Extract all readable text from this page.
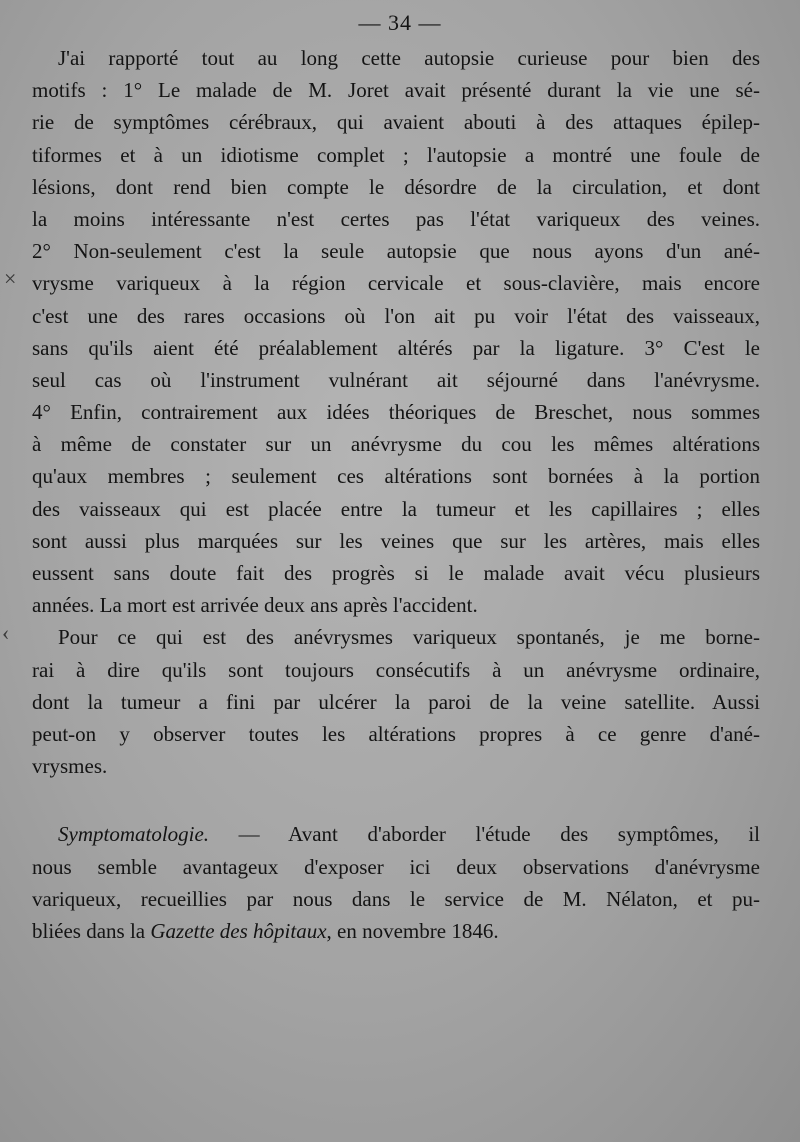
— 34 —
×
‹
J'ai rapporté tout au long cette autopsie curieuse pour bien des
motifs : 1° Le malade de M. Joret avait présenté durant la vie une sé-
rie de symptômes cérébraux, qui avaient abouti à des attaques épilep-
tiformes et à un idiotisme complet ; l'autopsie a montré une foule de
lésions, dont rend bien compte le désordre de la circulation, et dont
la moins intéressante n'est certes pas l'état variqueux des veines.
2° Non-seulement c'est la seule autopsie que nous ayons d'un ané-
vrysme variqueux à la région cervicale et sous-clavière, mais encore
c'est une des rares occasions où l'on ait pu voir l'état des vaisseaux,
sans qu'ils aient été préalablement altérés par la ligature. 3° C'est le
seul cas où l'instrument vulnérant ait séjourné dans l'anévrysme.
4° Enfin, contrairement aux idées théoriques de Breschet, nous sommes
à même de constater sur un anévrysme du cou les mêmes altérations
qu'aux membres ; seulement ces altérations sont bornées à la portion
des vaisseaux qui est placée entre la tumeur et les capillaires ; elles
sont aussi plus marquées sur les veines que sur les artères, mais elles
eussent sans doute fait des progrès si le malade avait vécu plusieurs
années. La mort est arrivée deux ans après l'accident.
Pour ce qui est des anévrysmes variqueux spontanés, je me borne-
rai à dire qu'ils sont toujours consécutifs à un anévrysme ordinaire,
dont la tumeur a fini par ulcérer la paroi de la veine satellite. Aussi
peut-on y observer toutes les altérations propres à ce genre d'ané-
vrysmes.
Symptomatologie. — Avant d'aborder l'étude des symptômes, il
nous semble avantageux d'exposer ici deux observations d'anévrysme
variqueux, recueillies par nous dans le service de M. Nélaton, et pu-
bliées dans la Gazette des hôpitaux, en novembre 1846.
